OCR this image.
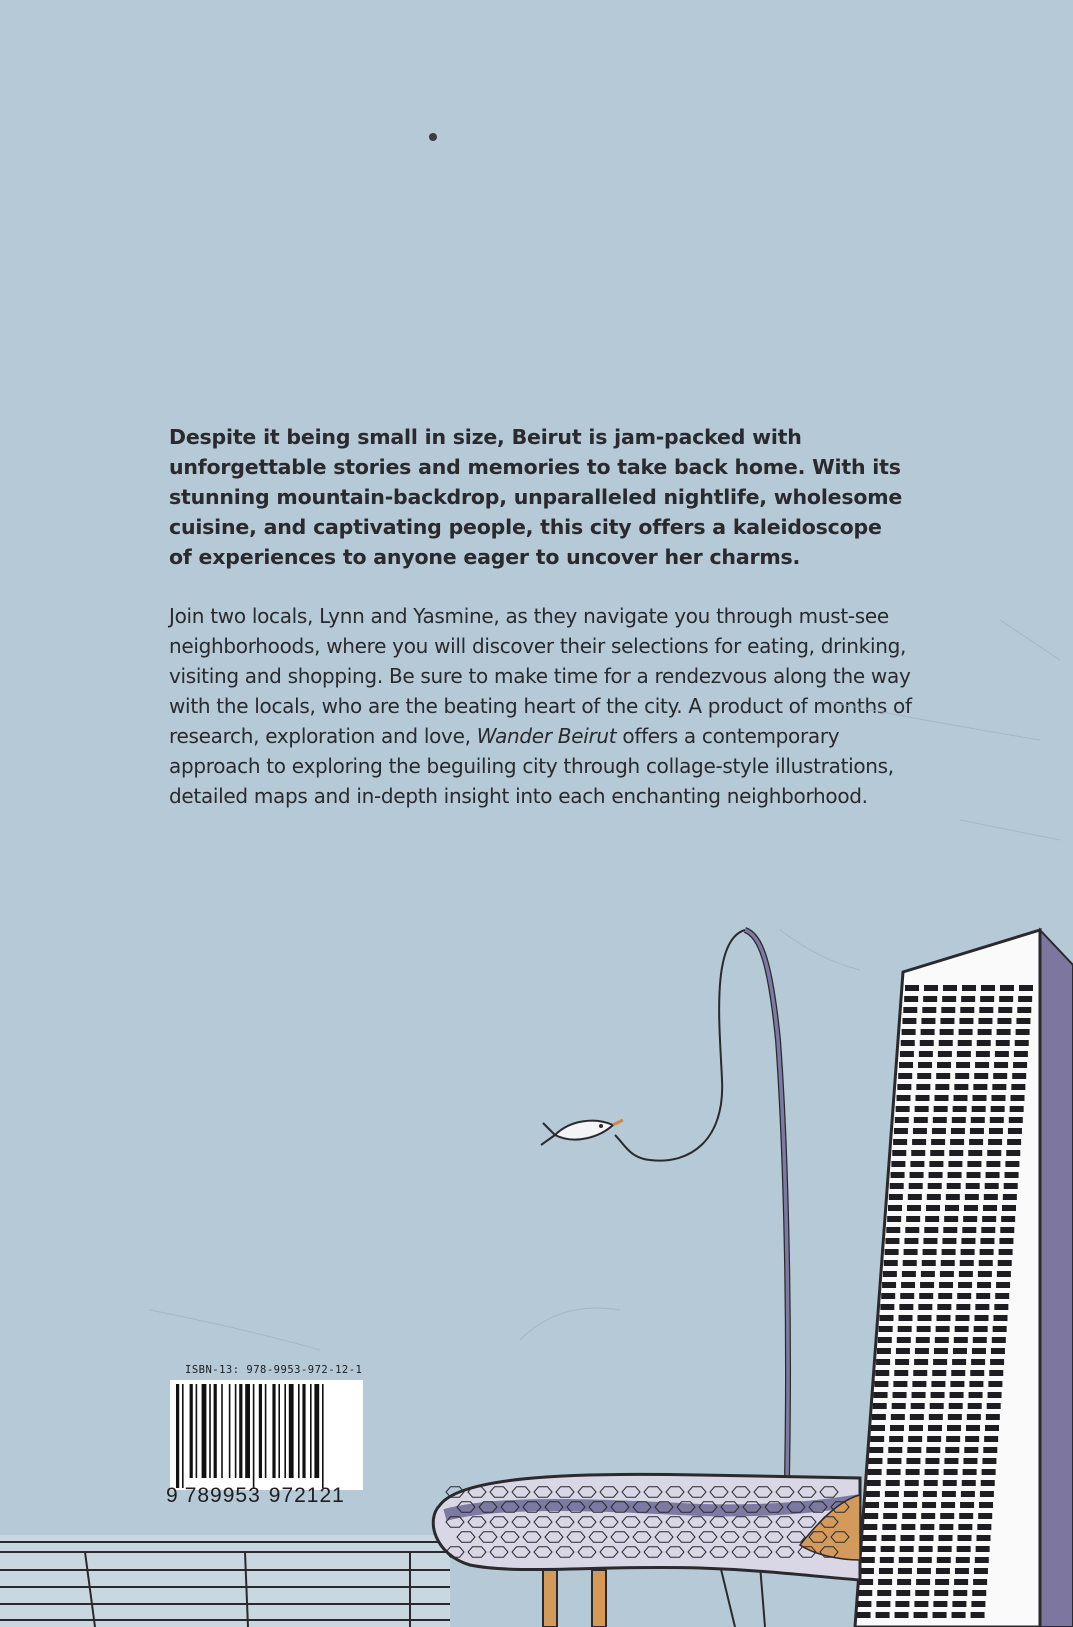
Despite it being small in size, Beirut is jam-packed with unforgettable stories and memories to take back home. With its stunning mountain-backdrop, unparalleled nightlife, wholesome cuisine, and captivating people, this city offers a kaleidoscope of experiences to anyone eager to uncover her charms.

Join two locals, Lynn and Yasmine, as they navigate you through must-see neighborhoods, where you will discover their selections for eating, drinking, visiting and shopping. Be sure to make time for a rendezvous along the way with the locals, who are the beating heart of the city. A product of months of research, exploration and love, Wander Beirut offers a contemporary approach to exploring the beguiling city through collage-style illustrations, detailed maps and in-depth insight into each enchanting neighborhood.

ISBN-13: 978-9953-972-12-1
9 789953 972121
